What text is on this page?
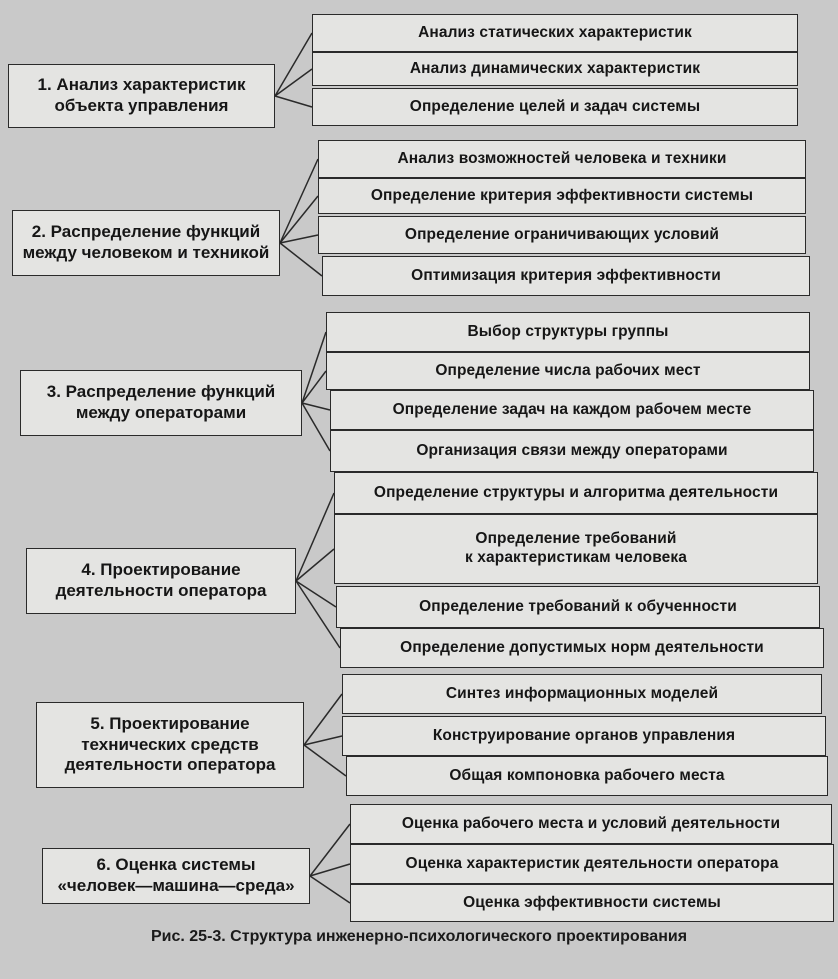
Рис. 25-3. Структура инженерно-психологического проектирования
1. Анализ характеристик
объекта управления
Анализ статических характеристик
Анализ динамических характеристик
Определение целей и задач системы
2. Распределение функций
между человеком и техникой
Анализ возможностей человека и техники
Определение критерия эффективности системы
Определение ограничивающих условий
Оптимизация критерия эффективности
3. Распределение функций
между операторами
Выбор структуры группы
Определение числа рабочих мест
Определение задач на каждом рабочем месте
Организация связи между операторами
4. Проектирование
деятельности оператора
Определение структуры и алгоритма деятельности
Определение требований
к характеристикам человека
Определение требований к обученности
Определение допустимых норм деятельности
5. Проектирование
технических средств
деятельности оператора
Синтез информационных моделей
Конструирование органов управления
Общая компоновка рабочего места
6. Оценка системы
«человек—машина—среда»
Оценка рабочего места и условий деятельности
Оценка характеристик деятельности оператора
Оценка эффективности системы
